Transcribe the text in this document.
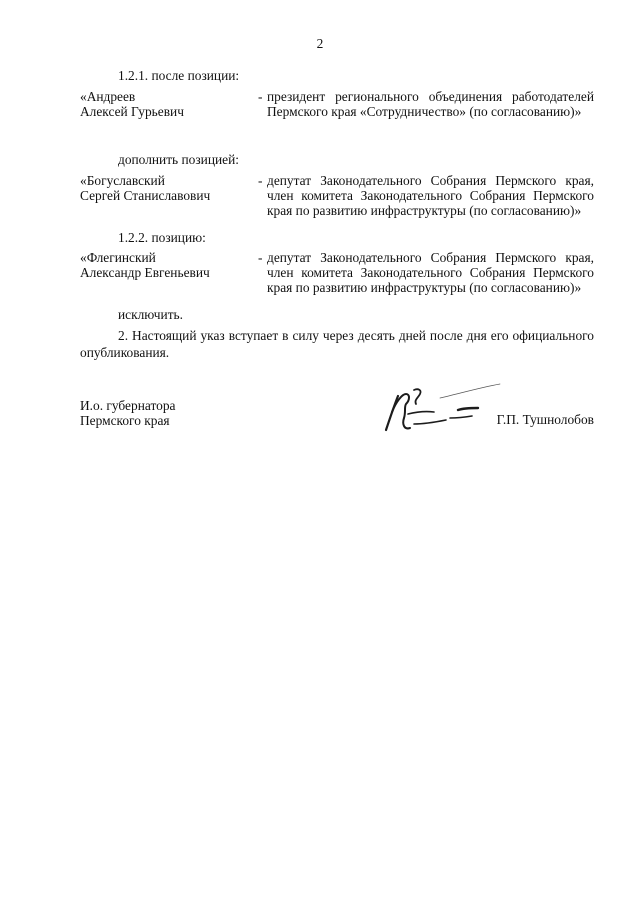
2
1.2.1. после позиции:
«Андреев
Алексей Гурьевич
- президент регионального объединения работодателей Пермского края «Сотрудничество» (по согласованию)»
дополнить позицией:
«Богуславский
Сергей Станиславович
- депутат Законодательного Собрания Пермского края, член комитета Законодательного Собрания Пермского края по развитию инфраструктуры (по согласованию)»
1.2.2. позицию:
«Флегинский
Александр Евгеньевич
- депутат Законодательного Собрания Пермского края, член комитета Законодательного Собрания Пермского края по развитию инфраструктуры (по согласованию)»
исключить.
2. Настоящий указ вступает в силу через десять дней после дня его официального опубликования.
И.о. губернатора
Пермского края	Г.П. Тушнолобов
